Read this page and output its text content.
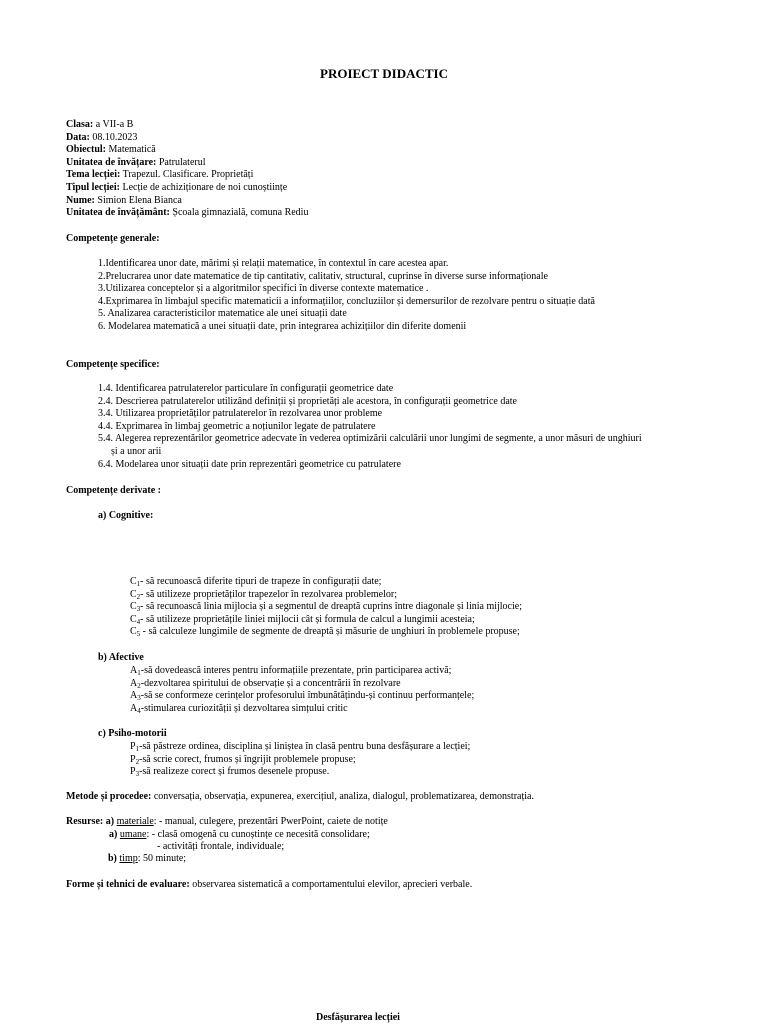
PROIECT DIDACTIC
Clasa: a VII-a B
Data: 08.10.2023
Obiectul: Matematică
Unitatea de învățare: Patrulaterul
Tema lecției: Trapezul. Clasificare. Proprietăți
Tipul lecției: Lecție de achiziționare de noi cunoștiințe
Nume: Simion Elena Bianca
Unitatea de învățământ: Școala gimnazială, comuna Rediu
Competențe generale:
1.Identificarea unor date, mărimi și relații matematice, în contextul în care acestea apar.
2.Prelucrarea unor date matematice de tip cantitativ, calitativ, structural, cuprinse în diverse surse informaționale
3.Utilizarea conceptelor și a algoritmilor specifici în diverse contexte matematice .
4.Exprimarea în limbajul specific matematicii a informațiilor, concluziilor și demersurilor de rezolvare pentru o situație dată
5. Analizarea caracteristicilor matematice ale unei situații date
6. Modelarea matematică a unei situații date, prin integrarea achizițiilor din diferite domenii
Competențe specifice:
1.4. Identificarea patrulaterelor particulare în configurații geometrice date
2.4. Descrierea patrulaterelor utilizând definiții și proprietăți ale acestora, în configurații geometrice date
3.4. Utilizarea proprietăților patrulaterelor în rezolvarea unor probleme
4.4. Exprimarea în limbaj geometric a noțiunilor legate de patrulatere
5.4. Alegerea reprezentărilor geometrice adecvate în vederea optimizării calculării unor lungimi de segmente, a unor măsuri de unghiuri
și a unor arii
6.4. Modelarea unor situații date prin reprezentări geometrice cu patrulatere
Competențe derivate :
a) Cognitive:
$C_1-$ să recunoască diferite tipuri de trapeze în configurații date;
$C_2-$ să utilizeze proprietăților trapezelor în rezolvarea problemelor;
$C_3-$ să recunoască linia mijlocia și a segmentul de dreaptă cuprins între diagonale și linia mijlocie;
$C_4-$ să utilizeze proprietățile liniei mijlocii cât și formula de calcul a lungimii acesteia;
$C_5$ - să calculeze lungimile de segmente de dreaptă și măsurie de unghiuri în problemele propuse;
b) Afective
$A_1-să$ dovedească interes pentru informațiile prezentate, prin participarea activă;
$A_2$-dezvoltarea spiritului de observație și a concentrării în rezolvare
$A_3-să$ se conformeze cerințelor profesorului îmbunătățindu-și continuu performanțele;
$A_4$-stimularea curiozității și dezvoltarea simțului critic
c) Psiho-motorii
$P_1-să$ păstreze ordinea, disciplina și liniștea în clasă pentru buna desfășurare a lecției;
$P_2-să$ scrie corect, frumos și îngrijit problemele propuse;
$P_3-să$ realizeze corect și frumos desenele propuse.
Metode și procedee: conversația, observația, expunerea, exercițiul, analiza, dialogul, problematizarea, demonstrația.
Resurse: a) materiale: - manual, culegere, prezentări PwerPoint, caiete de notițe
a) umane: - clasă omogenă cu cunoștințe ce necesită consolidare;
- activități frontale, individuale;
b) timp: 50 minute;
Forme și tehnici de evaluare: observarea sistematică a comportamentului elevilor, aprecieri verbale.
Desfășurarea lecției
